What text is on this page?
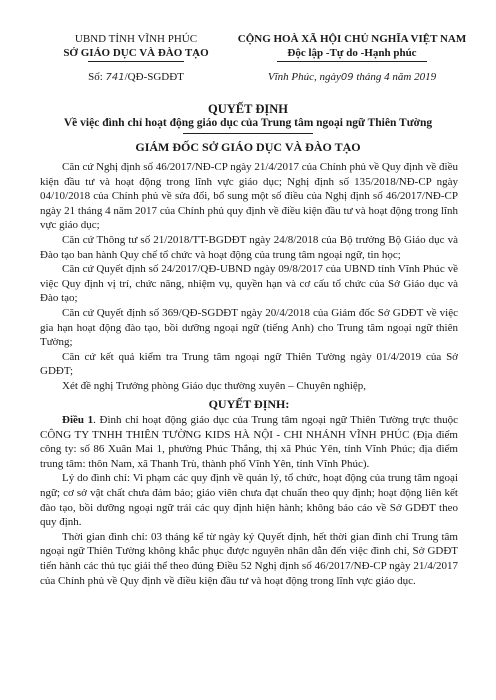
UBND TỈNH VĨNH PHÚC
SỞ GIÁO DỤC VÀ ĐÀO TẠO
Số: 741/QĐ-SGDĐT
CỘNG HOÀ XÃ HỘI CHỦ NGHĨA VIỆT NAM
Độc lập -Tự do -Hạnh phúc
Vĩnh Phúc, ngày09 tháng 4 năm 2019
QUYẾT ĐỊNH
Về việc đình chỉ hoạt động giáo dục của Trung tâm ngoại ngữ Thiên Tường
GIÁM ĐỐC SỞ GIÁO DỤC VÀ ĐÀO TẠO

Căn cứ Nghị định số 46/2017/NĐ-CP ngày 21/4/2017 của Chính phủ về Quy định về điều kiện đầu tư và hoạt động trong lĩnh vực giáo dục; Nghị định số 135/2018/NĐ-CP ngày 04/10/2018 của Chính phủ về sửa đổi, bổ sung một số điều của Nghị định số 46/2017/NĐ-CP ngày 21 tháng 4 năm 2017 của Chính phủ quy định về điều kiện đầu tư và hoạt động trong lĩnh vực giáo dục;

Căn cứ Thông tư số 21/2018/TT-BGDĐT ngày 24/8/2018 của Bộ trưởng Bộ Giáo dục và Đào tạo ban hành Quy chế tổ chức và hoạt động của trung tâm ngoại ngữ, tin học;

Căn cứ Quyết định số 24/2017/QĐ-UBND ngày 09/8/2017 của UBND tỉnh Vĩnh Phúc về việc Quy định vị trí, chức năng, nhiệm vụ, quyền hạn và cơ cấu tổ chức của Sở Giáo dục và Đào tạo;

Căn cứ Quyết định số 369/QĐ-SGDĐT ngày 20/4/2018 của Giám đốc Sở GDĐT về việc gia hạn hoạt động đào tạo, bồi dưỡng ngoại ngữ (tiếng Anh) cho Trung tâm ngoại ngữ thiên Tường;

Căn cứ kết quả kiểm tra Trung tâm ngoại ngữ Thiên Tường ngày 01/4/2019 của Sở GDĐT;

Xét đề nghị Trưởng phòng Giáo dục thường xuyên – Chuyên nghiệp,

QUYẾT ĐỊNH:

Điều 1. Đình chỉ hoạt động giáo dục của Trung tâm ngoại ngữ Thiên Tường trực thuộc CÔNG TY TNHH THIÊN TƯỜNG KIDS HÀ NỘI - CHI NHÁNH VĨNH PHÚC (Địa điểm công ty: số 86 Xuân Mai 1, phường Phúc Thắng, thị xã Phúc Yên, tỉnh Vĩnh Phúc; địa điểm trung tâm: thôn Nam, xã Thanh Trù, thành phố Vĩnh Yên, tỉnh Vĩnh Phúc).

Lý do đình chỉ: Vi phạm các quy định về quản lý, tổ chức, hoạt động của trung tâm ngoại ngữ; cơ sở vật chất chưa đảm bảo; giáo viên chưa đạt chuẩn theo quy định; hoạt động liên kết đào tạo, bồi dưỡng ngoại ngữ trái các quy định hiện hành; không báo cáo về Sở GDĐT theo quy định.

Thời gian đình chỉ: 03 tháng kể từ ngày ký Quyết định, hết thời gian đình chỉ Trung tâm ngoại ngữ Thiên Tường không khắc phục được nguyên nhân dẫn đến việc đình chỉ, Sở GDĐT tiến hành các thủ tục giải thể theo đúng Điều 52 Nghị định số 46/2017/NĐ-CP ngày 21/4/2017 của Chính phủ về Quy định về điều kiện đầu tư và hoạt động trong lĩnh vực giáo dục.
